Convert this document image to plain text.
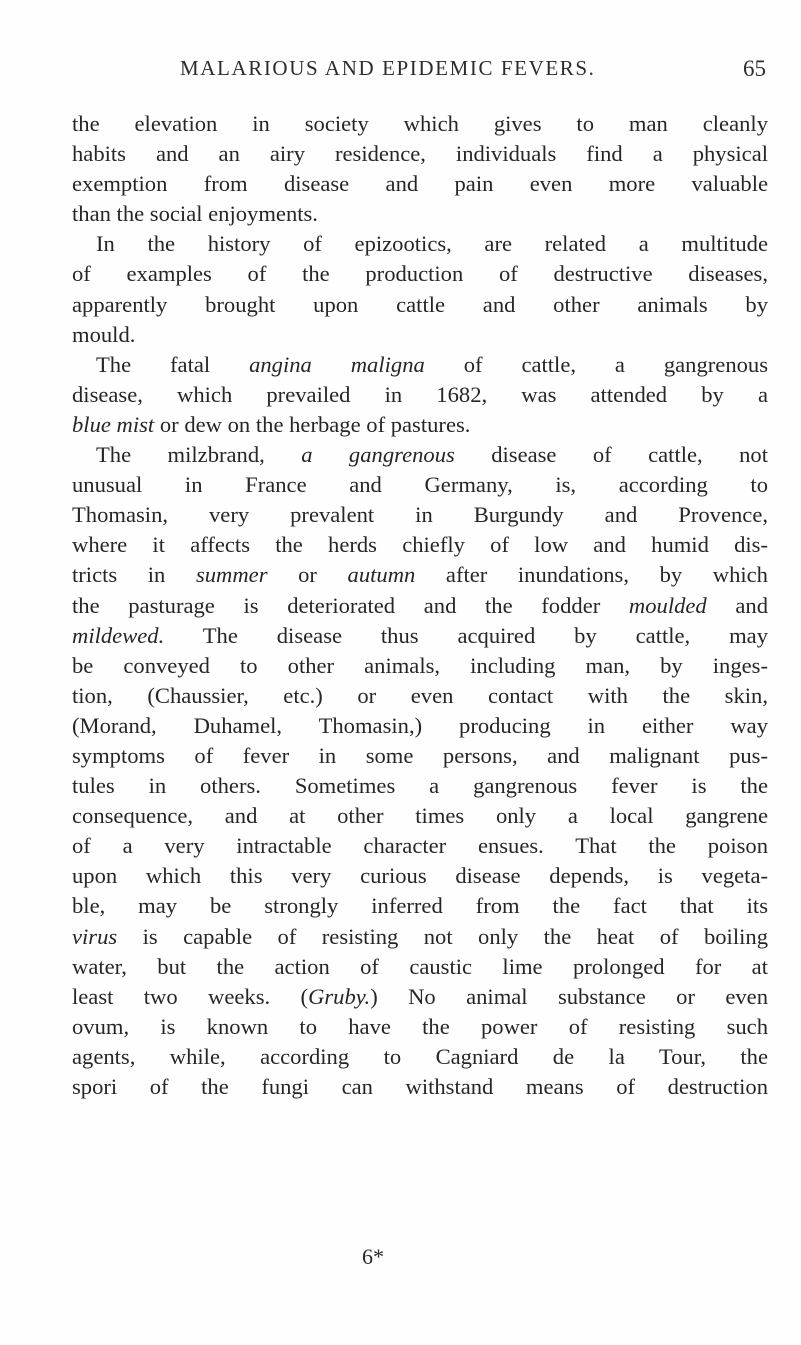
MALARIOUS AND EPIDEMIC FEVERS.	65
the elevation in society which gives to man cleanly
habits and an airy residence, individuals find a physical
exemption from disease and pain even more valuable
than the social enjoyments.
In the history of epizootics, are related a multitude
of examples of the production of destructive diseases,
apparently brought upon cattle and other animals by
mould.
The fatal angina maligna of cattle, a gangrenous
disease, which prevailed in 1682, was attended by a
blue mist or dew on the herbage of pastures.
The milzbrand, a gangrenous disease of cattle, not
unusual in France and Germany, is, according to
Thomasin, very prevalent in Burgundy and Provence,
where it affects the herds chiefly of low and humid dis-
tricts in summer or autumn after inundations, by which
the pasturage is deteriorated and the fodder moulded and
mildewed. The disease thus acquired by cattle, may
be conveyed to other animals, including man, by inges-
tion, (Chaussier, etc.) or even contact with the skin,
(Morand, Duhamel, Thomasin,) producing in either way
symptoms of fever in some persons, and malignant pus-
tules in others. Sometimes a gangrenous fever is the
consequence, and at other times only a local gangrene
of a very intractable character ensues. That the poison
upon which this very curious disease depends, is vegeta-
ble, may be strongly inferred from the fact that its
virus is capable of resisting not only the heat of boiling
water, but the action of caustic lime prolonged for at
least two weeks. (Gruby.) No animal substance or even
ovum, is known to have the power of resisting such
agents, while, according to Cagniard de la Tour, the
spori of the fungi can withstand means of destruction
6*
